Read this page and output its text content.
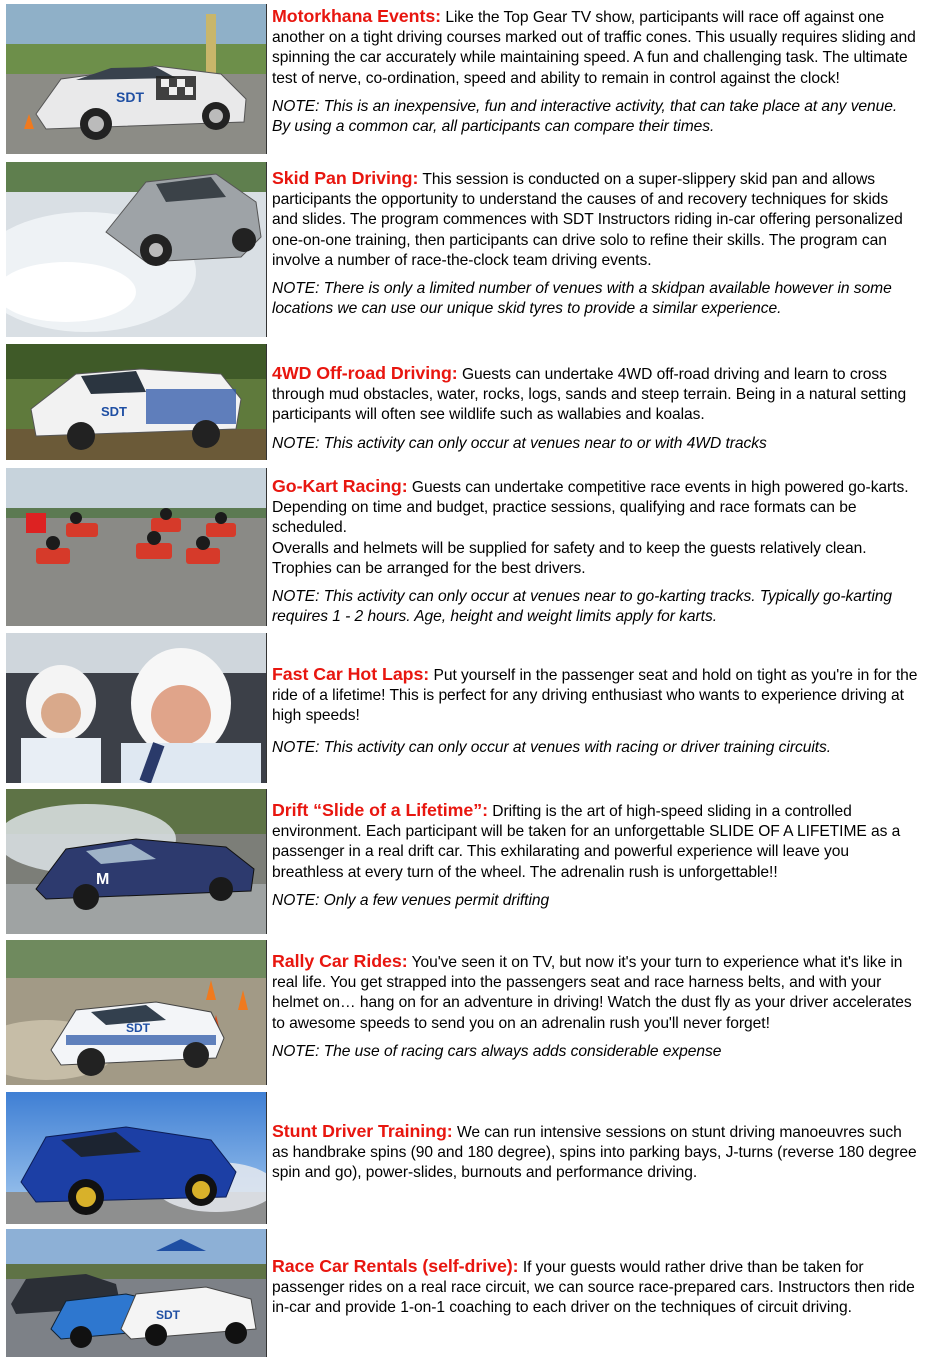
SDT

Motorkhana Events: Like the Top Gear TV show, participants will race off against one another on a tight driving courses marked out of traffic cones. This usually requires sliding and spinning the car accurately while maintaining speed. A fun and challenging task. The ultimate test of nerve, co-ordination, speed and ability to remain in control against the clock!

NOTE: This is an inexpensive, fun and interactive activity, that can take place at any venue. By using a common car, all participants can compare their times.

Skid Pan Driving: This session is conducted on a super-slippery skid pan and allows participants the opportunity to understand the causes of and recovery techniques for skids and slides. The program commences with SDT Instructors riding in-car offering personalized one-on-one training, then participants can drive solo to refine their skills. The program can involve a number of race-the-clock team driving events.

NOTE: There is only a limited number of venues with a skidpan available however in some locations we can use our unique skid tyres to provide a similar experience.

SDT

4WD Off-road Driving: Guests can undertake 4WD off-road driving and learn to cross through mud obstacles, water, rocks, logs, sands and steep terrain. Being in a natural setting participants will often see wildlife such as wallabies and koalas.

NOTE: This activity can only occur at venues near to or with 4WD tracks

Go-Kart Racing: Guests can undertake competitive race events in high powered go-karts. Depending on time and budget, practice sessions, qualifying and race formats can be scheduled.

Overalls and helmets will be supplied for safety and to keep the guests relatively clean. Trophies can be arranged for the best drivers.

NOTE: This activity can only occur at venues near to go-karting tracks. Typically go-karting requires 1 - 2 hours. Age, height and weight limits apply for karts.

Fast Car Hot Laps: Put yourself in the passenger seat and hold on tight as you're in for the ride of a lifetime! This is perfect for any driving enthusiast who wants to experience driving at high speeds!

NOTE: This activity can only occur at venues with racing or driver training circuits.

M

Drift “Slide of a Lifetime”: Drifting is the art of high-speed sliding in a controlled environment. Each participant will be taken for an unforgettable SLIDE OF A LIFETIME as a passenger in a real drift car. This exhilarating and powerful experience will leave you breathless at every turn of the wheel. The adrenalin rush is unforgettable!!

NOTE: Only a few venues permit drifting

SDT

Rally Car Rides: You've seen it on TV, but now it's your turn to experience what it's like in real life. You get strapped into the passengers seat and race harness belts, and with your helmet on… hang on for an adventure in driving! Watch the dust fly as your driver accelerates to awesome speeds to send you on an adrenalin rush you'll never forget!

NOTE: The use of racing cars always adds considerable expense

Stunt Driver Training: We can run intensive sessions on stunt driving manoeuvres such as handbrake spins (90 and 180 degree), spins into parking bays, J-turns (reverse 180 degree spin and go), power-slides, burnouts and performance driving.

SDT

Race Car Rentals (self-drive): If your guests would rather drive than be taken for passenger rides on a real race circuit, we can source race-prepared cars. Instructors then ride in-car and provide 1-on-1 coaching to each driver on the techniques of circuit driving.
